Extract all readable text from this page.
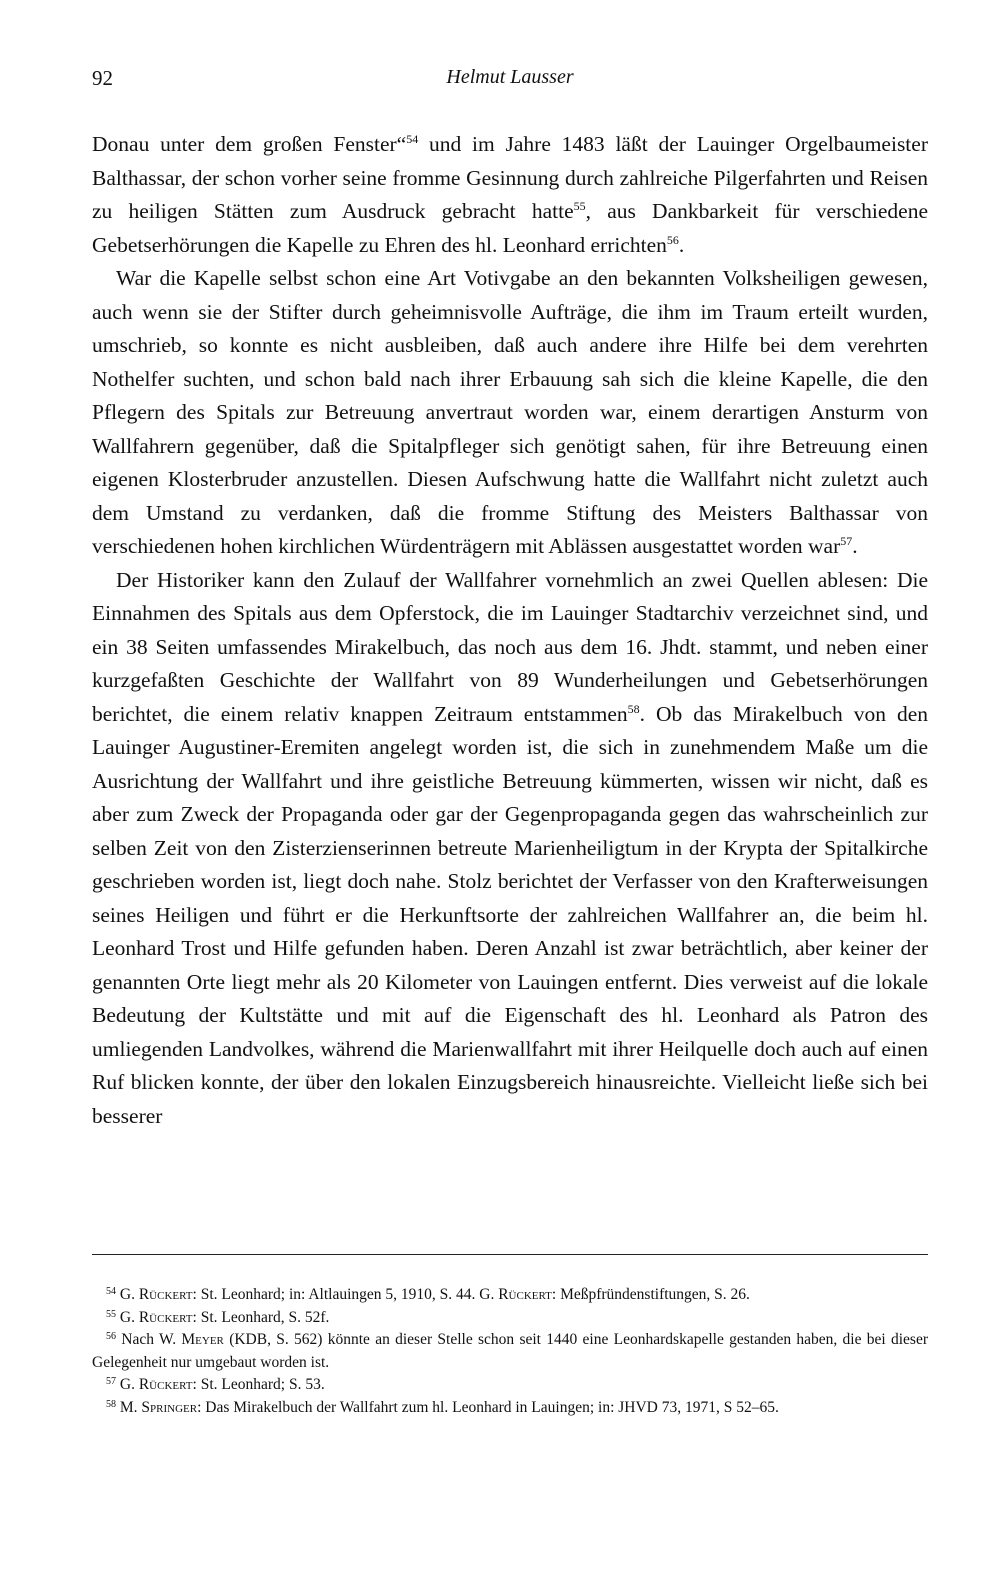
92	Helmut Lausser

Donau unter dem großen Fenster“$^{54}$ und im Jahre 1483 läßt der Lauinger Orgelbaumeister Balthassar, der schon vorher seine fromme Gesinnung durch zahlreiche Pilgerfahrten und Reisen zu heiligen Stätten zum Ausdruck gebracht hatte$^{55}$, aus Dankbarkeit für verschiedene Gebetserhörungen die Kapelle zu Ehren des hl. Leonhard errichten$^{56}$.

War die Kapelle selbst schon eine Art Votivgabe an den bekannten Volksheiligen gewesen, auch wenn sie der Stifter durch geheimnisvolle Aufträge, die ihm im Traum erteilt wurden, umschrieb, so konnte es nicht ausbleiben, daß auch andere ihre Hilfe bei dem verehrten Nothelfer suchten, und schon bald nach ihrer Erbauung sah sich die kleine Kapelle, die den Pflegern des Spitals zur Betreuung anvertraut worden war, einem derartigen Ansturm von Wallfahrern gegenüber, daß die Spitalpfleger sich genötigt sahen, für ihre Betreuung einen eigenen Klosterbruder anzustellen. Diesen Aufschwung hatte die Wallfahrt nicht zuletzt auch dem Umstand zu verdanken, daß die fromme Stiftung des Meisters Balthassar von verschiedenen hohen kirchlichen Würdenträgern mit Ablässen ausgestattet worden war$^{57}$.

Der Historiker kann den Zulauf der Wallfahrer vornehmlich an zwei Quellen ablesen: Die Einnahmen des Spitals aus dem Opferstock, die im Lauinger Stadtarchiv verzeichnet sind, und ein 38 Seiten umfassendes Mirakelbuch, das noch aus dem 16. Jhdt. stammt, und neben einer kurzgefaßten Geschichte der Wallfahrt von 89 Wunderheilungen und Gebetserhörungen berichtet, die einem relativ knappen Zeitraum entstammen$^{58}$. Ob das Mirakelbuch von den Lauinger Augustiner-Eremiten angelegt worden ist, die sich in zunehmendem Maße um die Ausrichtung der Wallfahrt und ihre geistliche Betreuung kümmerten, wissen wir nicht, daß es aber zum Zweck der Propaganda oder gar der Gegenpropaganda gegen das wahrscheinlich zur selben Zeit von den Zisterzienserinnen betreute Marienheiligtum in der Krypta der Spitalkirche geschrieben worden ist, liegt doch nahe. Stolz berichtet der Verfasser von den Krafterweisungen seines Heiligen und führt er die Herkunftsorte der zahlreichen Wallfahrer an, die beim hl. Leonhard Trost und Hilfe gefunden haben. Deren Anzahl ist zwar beträchtlich, aber keiner der genannten Orte liegt mehr als 20 Kilometer von Lauingen entfernt. Dies verweist auf die lokale Bedeutung der Kultstätte und mit auf die Eigenschaft des hl. Leonhard als Patron des umliegenden Landvolkes, während die Marienwallfahrt mit ihrer Heilquelle doch auch auf einen Ruf blicken konnte, der über den lokalen Einzugsbereich hinausreichte. Vielleicht ließe sich bei besserer

$^{54}$ G. Rückert: St. Leonhard; in: Altlauingen 5, 1910, S. 44. G. Rückert: Meßpfründenstiftungen, S. 26.

$^{55}$ G. Rückert: St. Leonhard, S. 52f.

$^{56}$ Nach W. Meyer (KDB, S. 562) könnte an dieser Stelle schon seit 1440 eine Leonhardskapelle gestanden haben, die bei dieser Gelegenheit nur umgebaut worden ist.

$^{57}$ G. Rückert: St. Leonhard; S. 53.

$^{58}$ M. Springer: Das Mirakelbuch der Wallfahrt zum hl. Leonhard in Lauingen; in: JHVD 73, 1971, S 52–65.
